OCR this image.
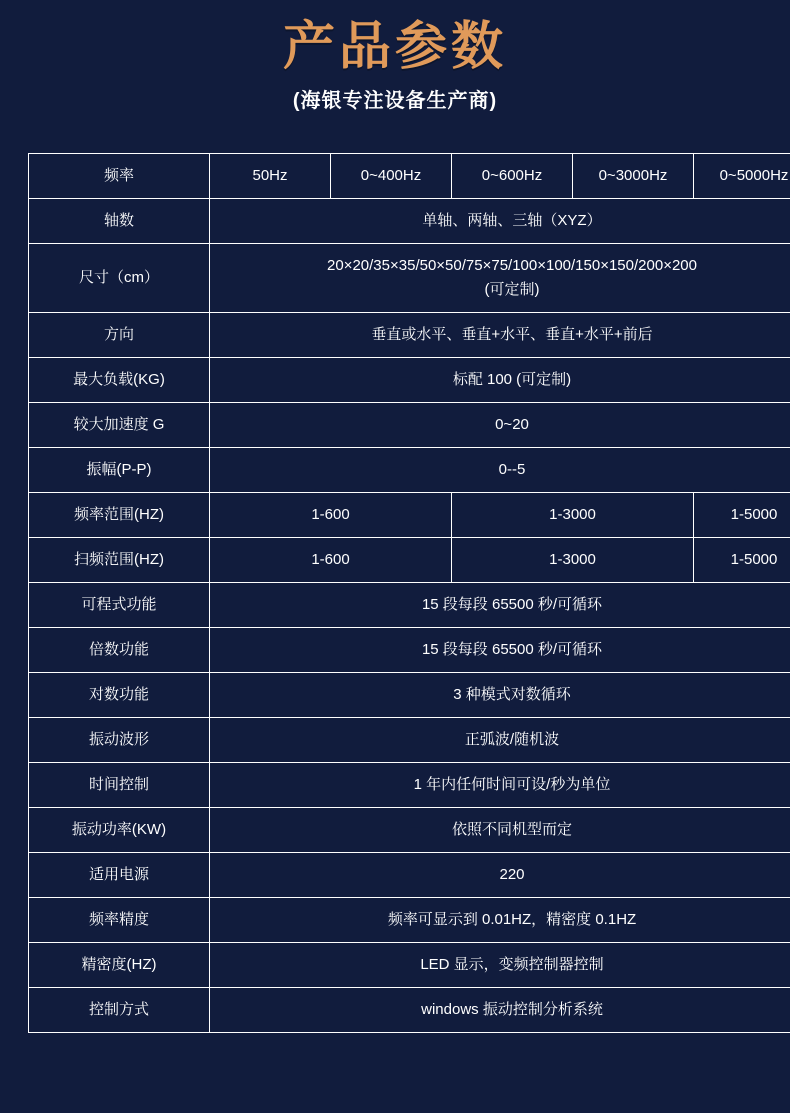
产品参数
(海银专注设备生产商)
频率	50Hz	0~400Hz	0~600Hz	0~3000Hz	0~5000Hz
轴数	单轴、两轴、三轴（XYZ）				
尺寸（cm）	20×20/35×35/50×50/75×75/100×100/150×150/200×200
(可定制)				

方向	垂直或水平、垂直+水平、垂直+水平+前后				
最大负载(KG)	标配 100 (可定制)				
较大加速度 G	0~20				
振幅(P-P)	0--5				
频率范围(HZ)	1-600		1-3000		1-5000
扫频范围(HZ)	1-600		1-3000		1-5000
可程式功能	15 段每段 65500 秒/可循环				
倍数功能	15 段每段 65500 秒/可循环				
对数功能	3 种模式对数循环				
振动波形	正弧波/随机波				
时间控制	1 年内任何时间可设/秒为单位				
振动功率(KW)	依照不同机型而定				
适用电源	220				
频率精度	频率可显示到 0.01HZ，精密度 0.1HZ				
精密度(HZ)	LED 显示，变频控制器控制				
控制方式	windows 振动控制分析系统				
